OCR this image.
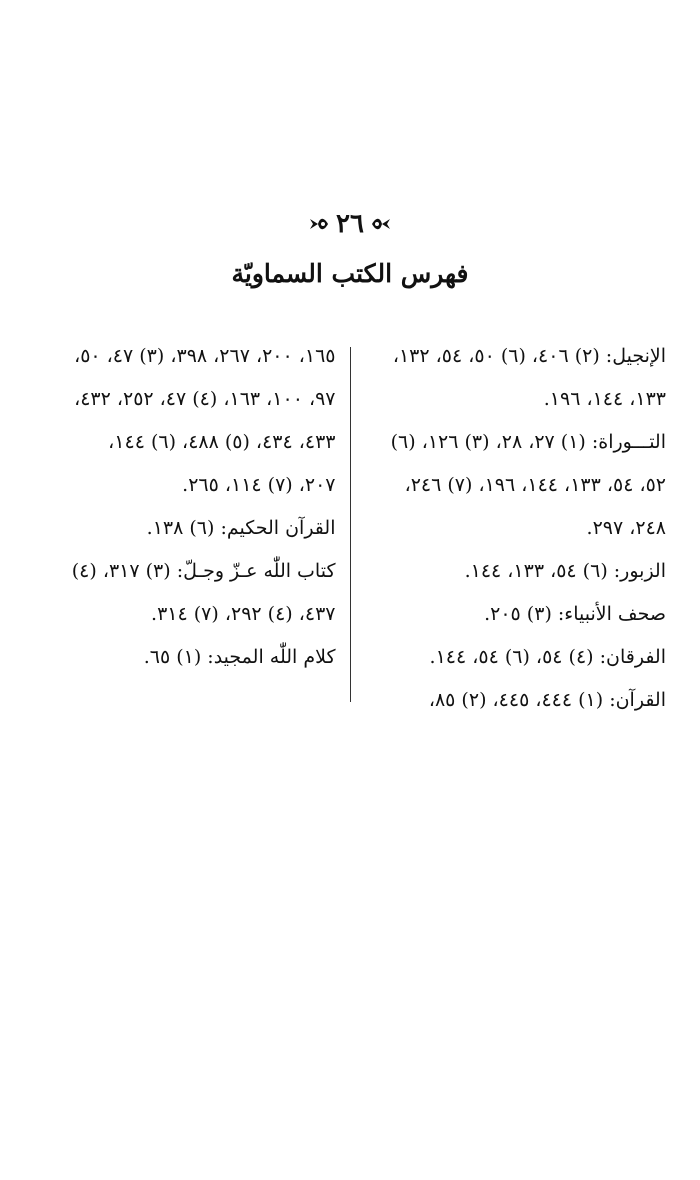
٢٦
فهرس الكتب السماويّة
الإنجيل: (٢) ٤٠٦، (٦) ٥٠، ٥٤، ١٣٢،
١٣٣، ١٤٤، ١٩٦.
التـــوراة: (١) ٢٧، ٢٨، (٣) ١٢٦، (٦)
٥٢، ٥٤، ١٣٣، ١٤٤، ١٩٦، (٧) ٢٤٦،
٢٤٨، ٢٩٧.
الزبور: (٦) ٥٤، ١٣٣، ١٤٤.
صحف الأنبياء: (٣) ٢٠٥.
الفرقان: (٤) ٥٤، (٦) ٥٤، ١٤٤.
القرآن: (١) ٤٤٤، ٤٤٥، (٢) ٨٥،
١٦٥، ٢٠٠، ٢٦٧، ٣٩٨، (٣) ٤٧، ٥٠،
٩٧، ١٠٠، ١٦٣، (٤) ٤٧، ٢٥٢، ٤٣٢،
٤٣٣، ٤٣٤، (٥) ٤٨٨، (٦) ١٤٤،
٢٠٧، (٧) ١١٤، ٢٦٥.
القرآن الحكيم: (٦) ١٣٨.
كتاب اللّٰه عـزّ وجـلّ: (٣) ٣١٧، (٤)
٤٣٧، (٤) ٢٩٢، (٧) ٣١٤.
كلام اللّٰه المجيد: (١) ٦٥.
